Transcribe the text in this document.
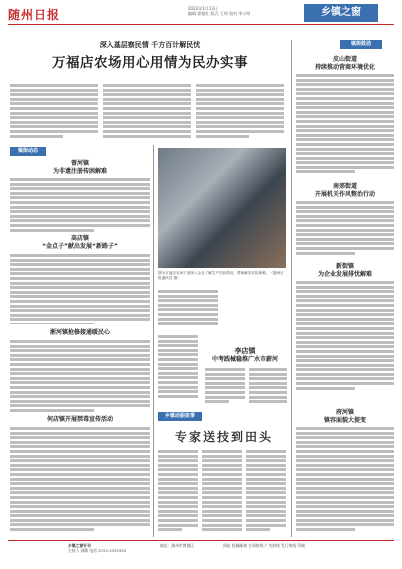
随州日报	2022年1月13日
编辑 徐俊红 版式 王明 校对 李小明	乡镇之窗
深入基层察民情 千方百计解民忧
万福店农场用心用情为民办实事
镇街动态
曾河镇
为非遗注册传困解难
高店镇
“金点子”献出发展“新路子”
淅河镇抢修接通暖民心
何店镇开展禁毒宣传活动
图为万福店农场干部深入企业了解生产经营情况，帮助解决实际困难。（随州日报通讯员 摄）
李店镇
中考践械稳推广水市薪河
乡镇动振故事
专家送技到田头
镇街鼓劲
皮山街道
持续推动营商环境优化
南郊街道
开展机关作风整治行动
新街镇
为企业发展排忧解难
府河镇
镇容面貌大提变
乡镇之窗专刊
主持人 郭敏 电话 0722-3333333
地址：随州市曾都区	网址 投稿邮箱 订阅热线 广告热线 发行热线 印刷
